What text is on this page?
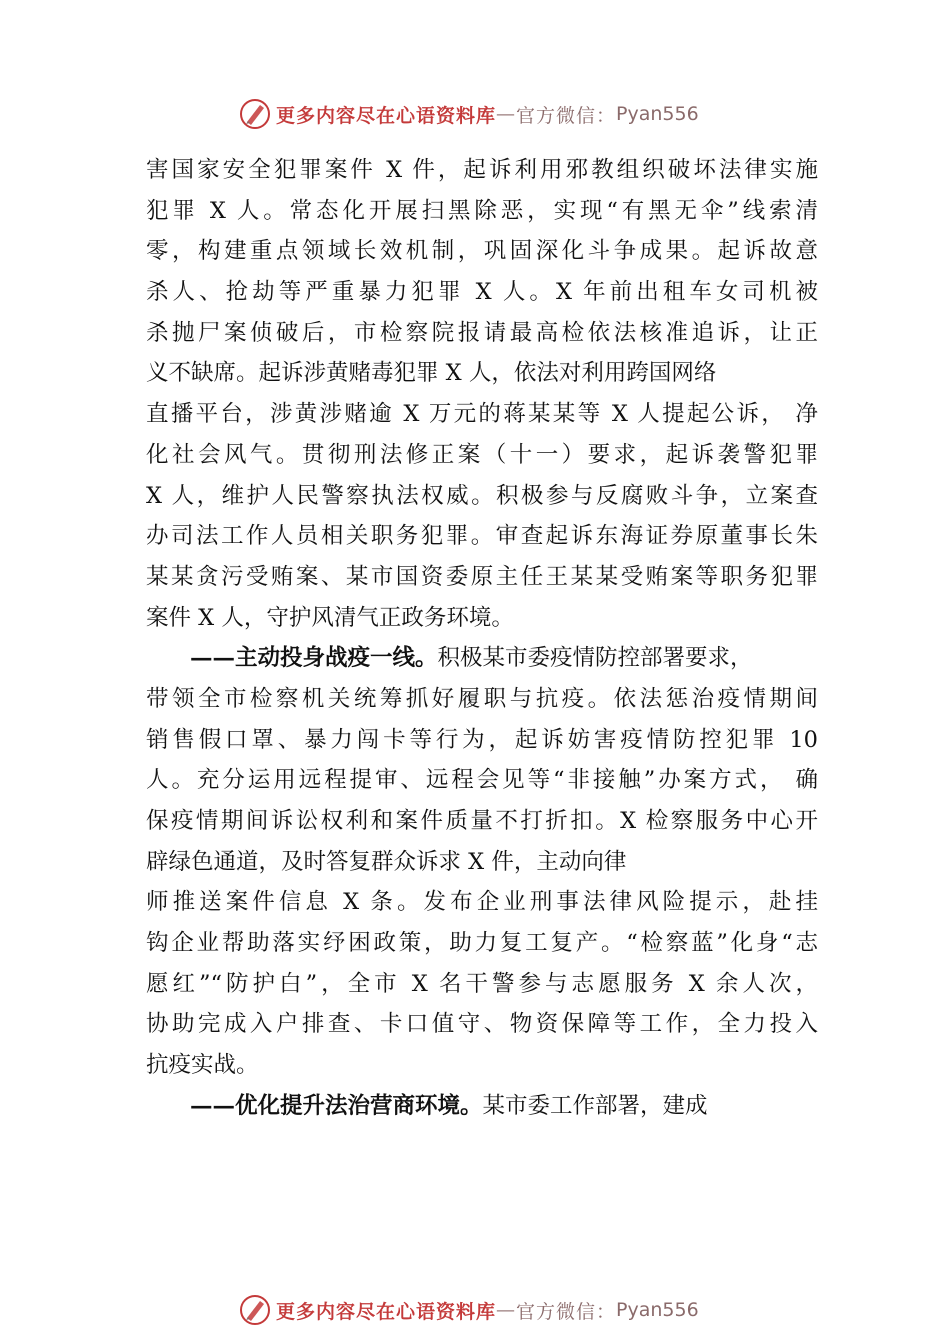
更多内容尽在心语资料库 — 官方微信： Pyan556
害国家安全犯罪案件 X 件，起诉利用邪教组织破坏法律实施
犯罪 X 人。常态化开展扫黑除恶，实现“有黑无伞”线索清
零，构建重点领域长效机制，巩固深化斗争成果。起诉故意
杀人、抢劫等严重暴力犯罪 X 人。X 年前出租车女司机被
杀抛尸案侦破后，市检察院报请最高检依法核准追诉，让正
义不缺席。起诉涉黄赌毒犯罪 X 人，依法对利用跨国网络
直播平台，涉黄涉赌逾 X 万元的蒋某某等 X 人提起公诉， 净
化社会风气。贯彻刑法修正案（十一）要求，起诉袭警犯罪
X 人，维护人民警察执法权威。积极参与反腐败斗争，立案查
办司法工作人员相关职务犯罪。审查起诉东海证券原董事长朱
某某贪污受贿案、某市国资委原主任王某某受贿案等职务犯罪
案件 X 人，守护风清气正政务环境。
——主动投身战疫一线。积极某市委疫情防控部署要求，
带领全市检察机关统筹抓好履职与抗疫。依法惩治疫情期间
销售假口罩、暴力闯卡等行为，起诉妨害疫情防控犯罪 10
人。充分运用远程提审、远程会见等“非接触”办案方式， 确
保疫情期间诉讼权利和案件质量不打折扣。X 检察服务中心开
辟绿色通道，及时答复群众诉求 X 件，主动向律
师推送案件信息 X 条。发布企业刑事法律风险提示，赴挂
钩企业帮助落实纾困政策，助力复工复产。“检察蓝”化身“志
愿红”“防护白”，全市 X 名干警参与志愿服务 X 余人次，
协助完成入户排查、卡口值守、物资保障等工作，全力投入
抗疫实战。
——优化提升法治营商环境。某市委工作部署，建成
更多内容尽在心语资料库 — 官方微信： Pyan556
